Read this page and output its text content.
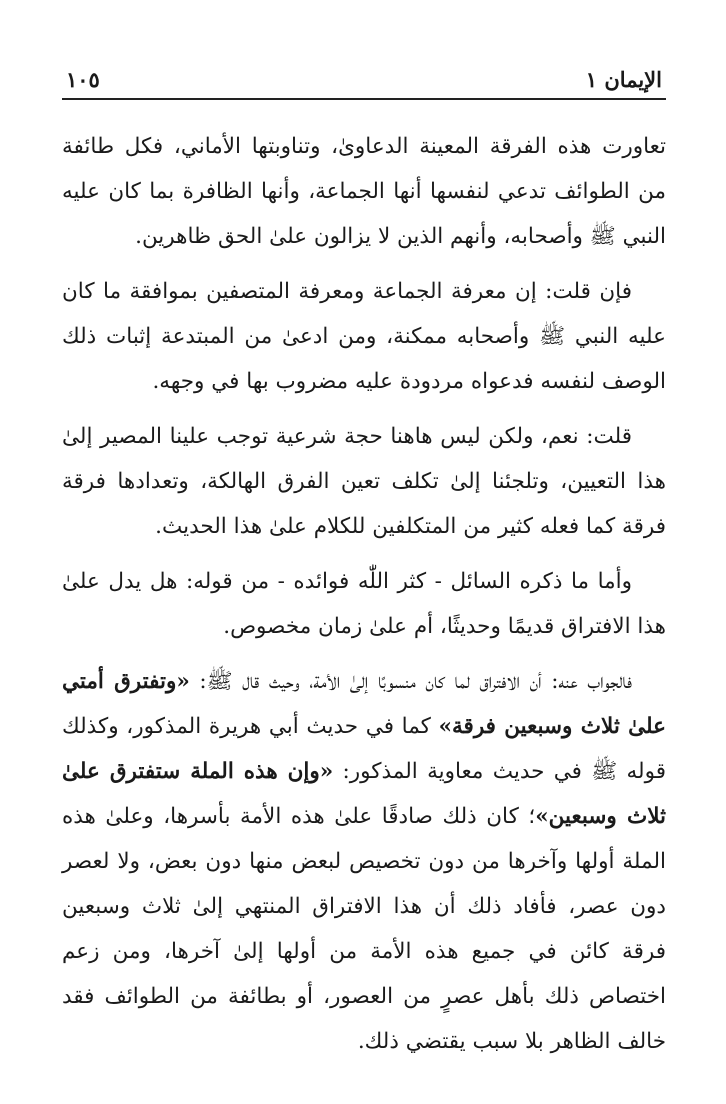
الإيمان ١
١٠٥

تعاورت هذه الفرقة المعينة الدعاوىٰ، وتناوبتها الأماني، فكل طائفة من الطوائف تدعي لنفسها أنها الجماعة، وأنها الظافرة بما كان عليه النبي ﷺ وأصحابه، وأنهم الذين لا يزالون علىٰ الحق ظاهرين.

فإن قلت: إن معرفة الجماعة ومعرفة المتصفين بموافقة ما كان عليه النبي ﷺ وأصحابه ممكنة، ومن ادعىٰ من المبتدعة إثبات ذلك الوصف لنفسه فدعواه مردودة عليه مضروب بها في وجهه.

قلت: نعم، ولكن ليس هاهنا حجة شرعية توجب علينا المصير إلىٰ هذا التعيين، وتلجئنا إلىٰ تكلف تعين الفرق الهالكة، وتعدادها فرقة فرقة كما فعله كثير من المتكلفين للكلام علىٰ هذا الحديث.

وأما ما ذكره السائل - كثر اللّٰه فوائده - من قوله: هل يدل علىٰ هذا الافتراق قديمًا وحديثًا، أم علىٰ زمان مخصوص.

فالجواب عنه: أن الافتراق لما كان منسوبًا إلىٰ الأمة، وحيث قال ﷺ: «وتفترق أمتي علىٰ ثلاث وسبعين فرقة» كما في حديث أبي هريرة المذكور، وكذلك قوله ﷺ في حديث معاوية المذكور: «وإن هذه الملة ستفترق علىٰ ثلاث وسبعين»؛ كان ذلك صادقًا علىٰ هذه الأمة بأسرها، وعلىٰ هذه الملة أولها وآخرها من دون تخصيص لبعض منها دون بعض، ولا لعصر دون عصر، فأفاد ذلك أن هذا الافتراق المنتهي إلىٰ ثلاث وسبعين فرقة كائن في جميع هذه الأمة من أولها إلىٰ آخرها، ومن زعم اختصاص ذلك بأهل عصرٍ من العصور، أو بطائفة من الطوائف فقد خالف الظاهر بلا سبب يقتضي ذلك.
